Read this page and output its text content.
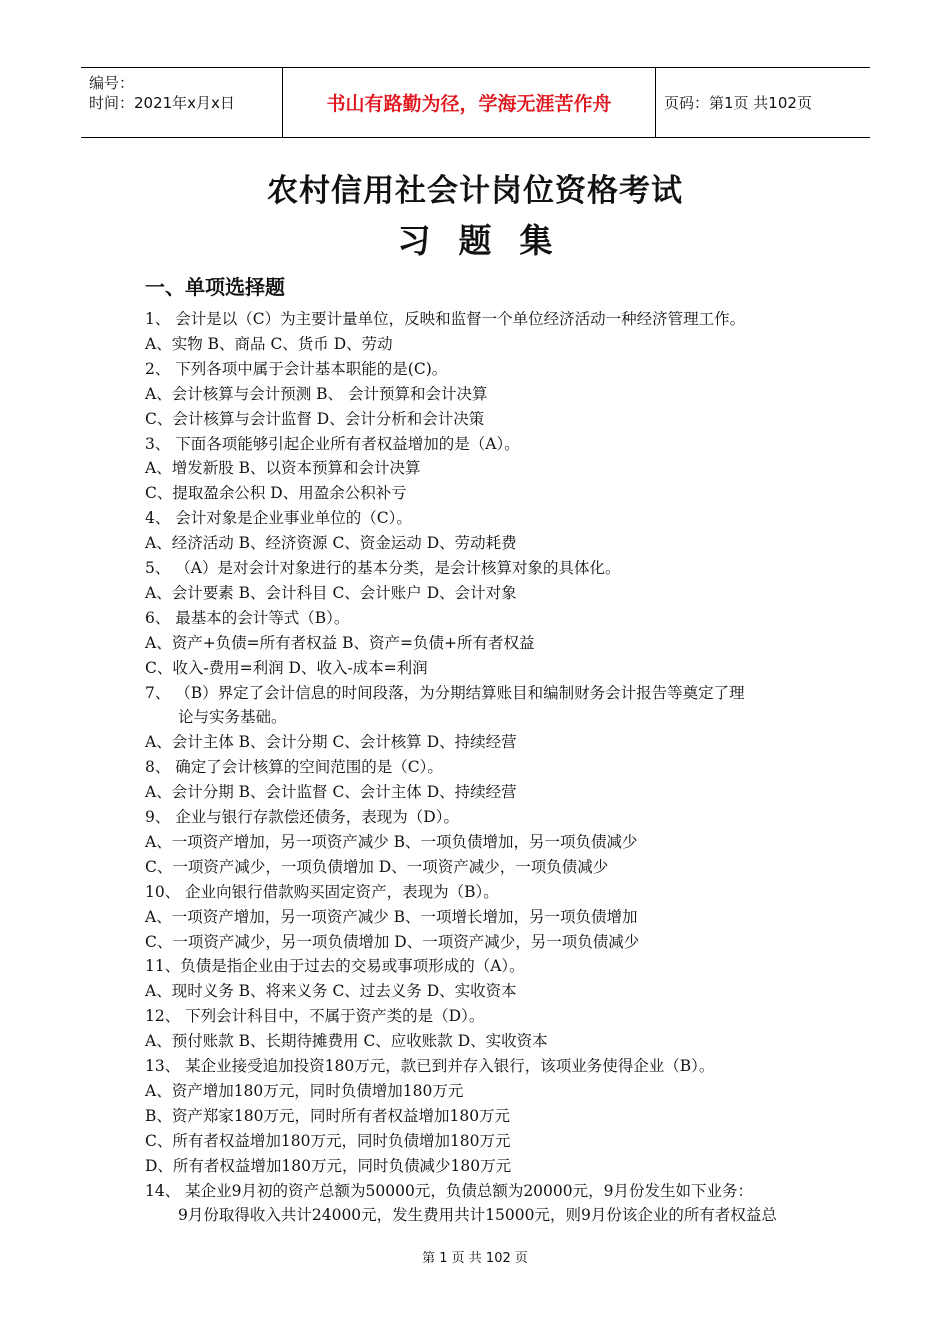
编号：
时间：2021年x月x日	书山有路勤为径，学海无涯苦作舟	页码：第1页 共102页
农村信用社会计岗位资格考试
习题集
一、单项选择题
1、 会计是以（C）为主要计量单位，反映和监督一个单位经济活动一种经济管理工作。
A、实物 B、商品 C、货币 D、劳动
2、 下列各项中属于会计基本职能的是(C)。
A、会计核算与会计预测 B、 会计预算和会计决算
C、会计核算与会计监督 D、会计分析和会计决策
3、 下面各项能够引起企业所有者权益增加的是（A）。
A、增发新股 B、以资本预算和会计决算
C、提取盈余公积 D、用盈余公积补亏
4、 会计对象是企业事业单位的（C）。
A、经济活动 B、经济资源 C、资金运动 D、劳动耗费
5、 （A）是对会计对象进行的基本分类，是会计核算对象的具体化。
A、会计要素 B、会计科目 C、会计账户 D、会计对象
6、 最基本的会计等式（B）。
A、资产+负债=所有者权益 B、资产=负债+所有者权益
C、收入-费用=利润 D、收入-成本=利润
7、 （B）界定了会计信息的时间段落，为分期结算账目和编制财务会计报告等奠定了理
论与实务基础。
A、会计主体 B、会计分期 C、会计核算 D、持续经营
8、 确定了会计核算的空间范围的是（C）。
A、会计分期 B、会计监督 C、会计主体 D、持续经营
9、 企业与银行存款偿还债务，表现为（D）。
A、一项资产增加，另一项资产减少 B、一项负债增加，另一项负债减少
C、一项资产减少，一项负债增加 D、一项资产减少，一项负债减少
10、 企业向银行借款购买固定资产，表现为（B）。
A、一项资产增加，另一项资产减少 B、一项增长增加，另一项负债增加
C、一项资产减少，另一项负债增加 D、一项资产减少，另一项负债减少
11、负债是指企业由于过去的交易或事项形成的（A）。
A、现时义务 B、将来义务 C、过去义务 D、实收资本
12、 下列会计科目中，不属于资产类的是（D）。
A、预付账款 B、长期待摊费用 C、应收账款 D、实收资本
13、 某企业接受追加投资180万元，款已到并存入银行，该项业务使得企业（B）。
A、资产增加180万元，同时负债增加180万元
B、资产郑家180万元，同时所有者权益增加180万元
C、所有者权益增加180万元，同时负债增加180万元
D、所有者权益增加180万元，同时负债减少180万元
14、 某企业9月初的资产总额为50000元，负债总额为20000元，9月份发生如下业务：
9月份取得收入共计24000元，发生费用共计15000元，则9月份该企业的所有者权益总
第 1 页 共 102 页
